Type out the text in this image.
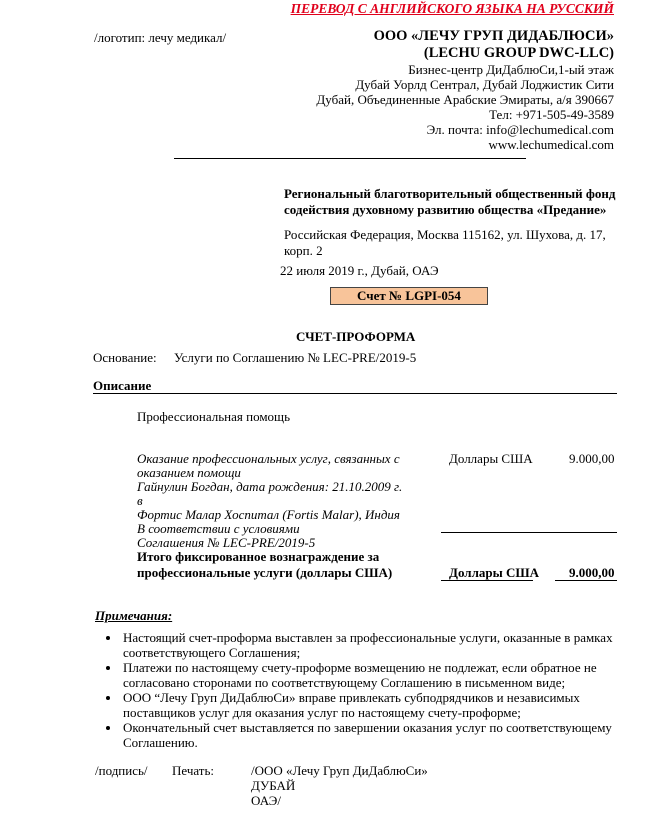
ПЕРЕВОД С АНГЛИЙСКОГО ЯЗЫКА НА РУССКИЙ
/логотип: лечу медикал/	ООО «ЛЕЧУ ГРУП ДИДАБЛЮСИ»
(LECHU GROUP DWC-LLC)
Бизнес-центр ДиДаблюСи,1-ый этаж
Дубай Уорлд Сентрал, Дубай Лоджистик Сити
Дубай, Объединенные Арабские Эмираты, а/я 390667
Тел: +971-505-49-3589
Эл. почта: info@lechumedical.com
www.lechumedical.com
Региональный благотворительный общественный фонд
содействия духовному развитию общества «Предание»
Российская Федерация, Москва 115162, ул. Шухова, д. 17,
корп. 2
22 июля 2019 г., Дубай, ОАЭ
Счет № LGPI-054
СЧЕТ-ПРОФОРМА
Основание: Услуги по Соглашению № LEC-PRE/2019-5
Описание
Профессиональная помощь
Оказание профессиональных услуг, связанных с
оказанием помощи
Гайнулин Богдан, дата рождения: 21.10.2009 г. в
Фортис Малар Хоспитал (Fortis Malar), Индия
В соответствии с условиями
Соглашения № LEC-PRE/2019-5
Доллары США	9.000,00
Итого фиксированное вознаграждение за
профессиональные услуги (доллары США)	Доллары США 9.000,00
Примечания:
• Настоящий счет-проформа выставлен за профессиональные услуги, оказанные в рамках соответствующего Соглашения;
• Платежи по настоящему счету-проформе возмещению не подлежат, если обратное не согласовано сторонами по соответствующему Соглашению в письменном виде;
• ООО “Лечу Груп ДиДаблюСи» вправе привлекать субподрядчиков и независимых поставщиков услуг для оказания услуг по настоящему счету-проформе;
• Окончательный счет выставляется по завершении оказания услуг по соответствующему Соглашению.
/подпись/ Печать:	/ООО «Лечу Груп ДиДаблюСи»
ДУБАЙ
ОАЭ/
